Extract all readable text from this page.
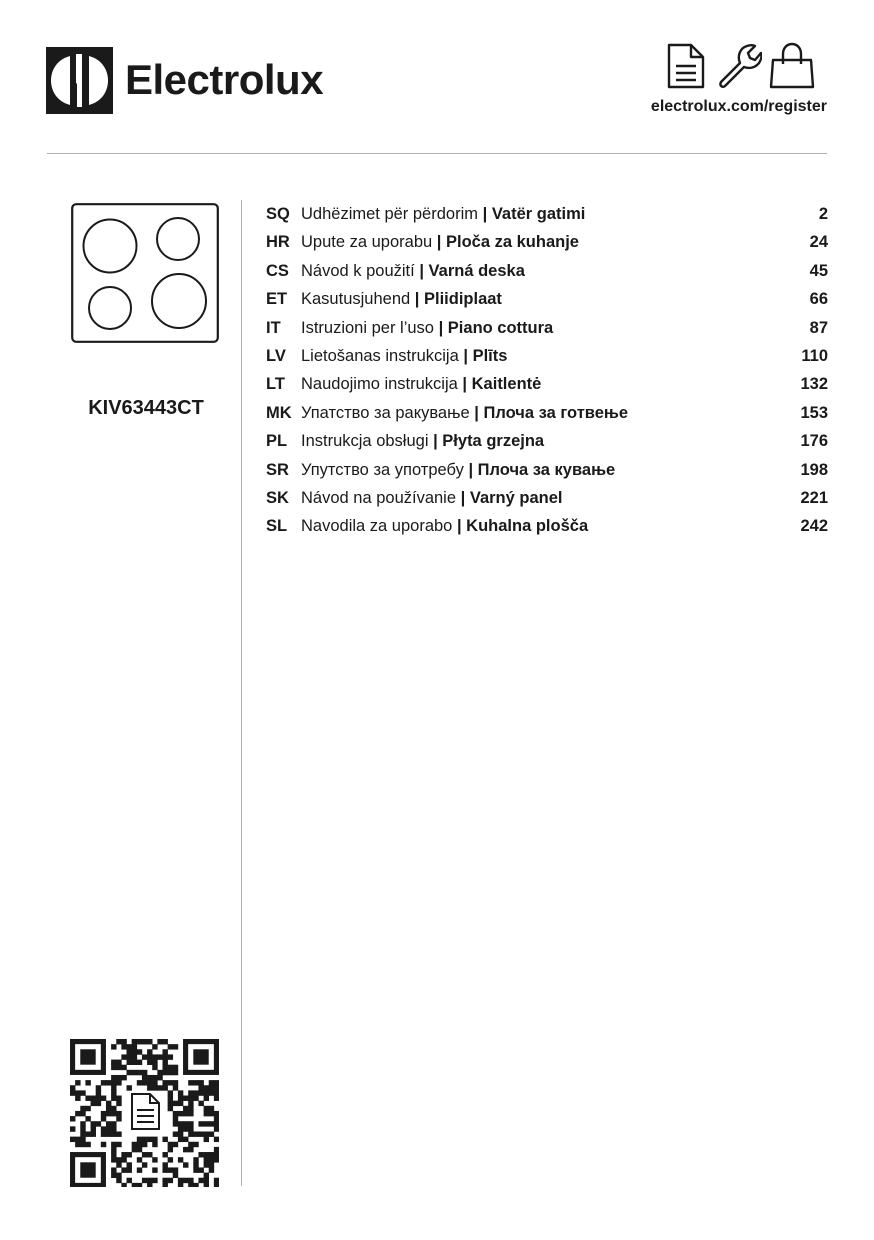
Electrolux
electrolux.com/register
KIV63443CT
SQ Udhëzimet për përdorim | Vatër gatimi	2
HR Upute za uporabu | Ploča za kuhanje	24
CS Návod k použití | Varná deska	45
ET Kasutusjuhend | Pliidiplaat	66
IT Istruzioni per l’uso | Piano cottura	87
LV Lietošanas instrukcija | Plīts	110
LT Naudojimo instrukcija | Kaitlentė	132
MK Упатство за ракување | Плоча за готвење	153
PL Instrukcja obsługi | Płyta grzejna	176
SR Упутство за употребу | Плоча за кување	198
SK Návod na používanie | Varný panel	221
SL Navodila za uporabo | Kuhalna plošča	242
